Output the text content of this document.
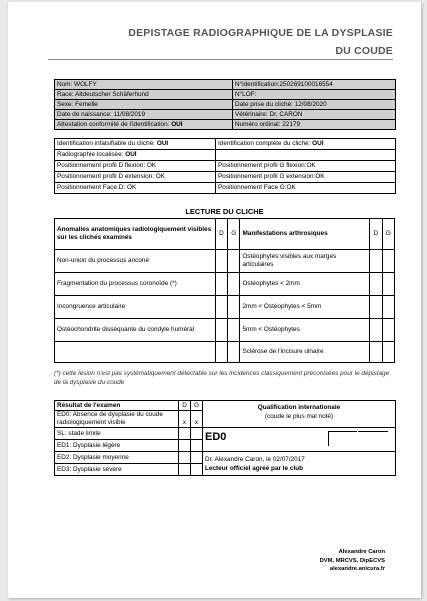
DEPISTAGE RADIOGRAPHIQUE DE LA DYSPLASIE
DU COUDE
Nom: WOLFY	N°identification:250269100016554
Race: Altdeutscher Schäferhund	N°LOF:
Sexe: Femelle	Date prise du cliché: 12/08/2020
Date de naissance: 11/08/2019	Vétérinaire: Dr. CARON
Attestation conformité de l'identification: OUI	Numéro ordinal: 22179
Identification infalsifiable du cliché: OUI	Identification complète du cliché: OUI
Radiographie localisée: OUI	
Positionnement profil D flexion: OK	Positionnement profil G flexion:OK
Positionnement profil D extension: OK	Positionnement profil G extension:OK
Positionnement Face D: OK	Positionnement Face G:OK
LECTURE DU CLICHE
Anomalies anatomiques radiologiquement visibles sur les clichés examinés	D	G	Manifestations arthrosiques	D	G
Non-union du processus anconé			Ostéophytes visibles aux marges articulaires		
Fragmentation du processus coronoïde (*)			Ostéophytes < 2mm		
Incongruence articulaire			2mm < Ostéophytes < 5mm		
Ostéochondrite disséquante du condyle huméral			5mm < Ostéophytes		
			Sclérose de l'incisure ulnaire		
(*) cette lésion n'est pas systématiquement détectable sur les incidences classiquement préconisées pour le dépistage de la dysplasie du coude
Résultat de l'examen	D	G	Qualification internationale
(coude le plus mal noté)

ED0: Absence de dysplasie du coude radiologiquement visible	x	x	
SL: stade limite			ED0

ED1: Dysplasie légère			
ED2: Dysplasie moyenne			Dr. Alexandre Caron, le 02/07/2017
Lecteur officiel agréé par le club

ED3: Dysplasie sévère			
Alexandre Caron
DVM, MRCVS, DipECVS
alexandre.anicura.fr
